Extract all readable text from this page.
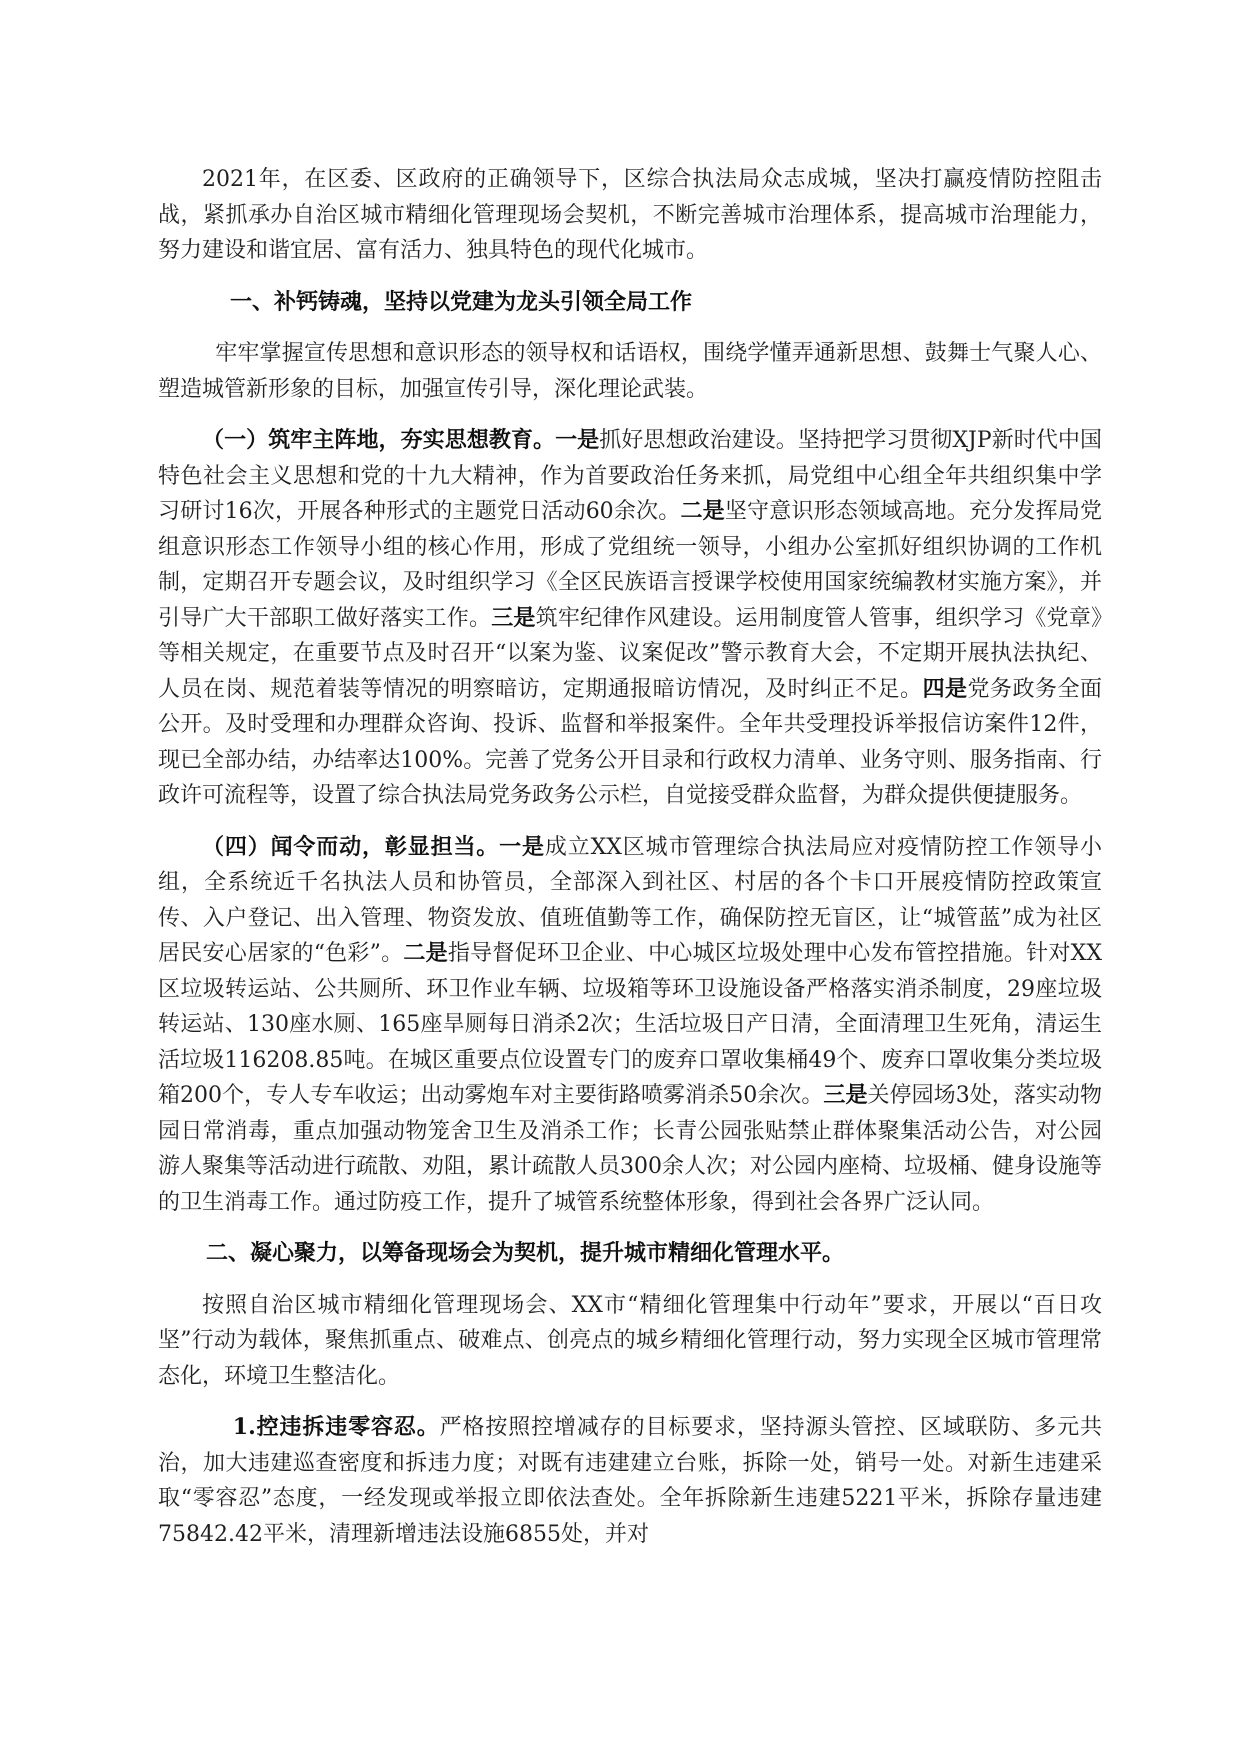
2021年，在区委、区政府的正确领导下，区综合执法局众志成城，坚决打赢疫情防控阻击战，紧抓承办自治区城市精细化管理现场会契机，不断完善城市治理体系，提高城市治理能力，努力建设和谐宜居、富有活力、独具特色的现代化城市。

一、补钙铸魂，坚持以党建为龙头引领全局工作

牢牢掌握宣传思想和意识形态的领导权和话语权，围绕学懂弄通新思想、鼓舞士气聚人心、塑造城管新形象的目标，加强宣传引导，深化理论武装。

（一）筑牢主阵地，夯实思想教育。一是抓好思想政治建设。坚持把学习贯彻XJP新时代中国特色社会主义思想和党的十九大精神，作为首要政治任务来抓，局党组中心组全年共组织集中学习研讨16次，开展各种形式的主题党日活动60余次。二是坚守意识形态领域高地。充分发挥局党组意识形态工作领导小组的核心作用，形成了党组统一领导，小组办公室抓好组织协调的工作机制，定期召开专题会议，及时组织学习《全区民族语言授课学校使用国家统编教材实施方案》，并引导广大干部职工做好落实工作。三是筑牢纪律作风建设。运用制度管人管事，组织学习《党章》等相关规定，在重要节点及时召开“以案为鉴、议案促改”警示教育大会，不定期开展执法执纪、人员在岗、规范着装等情况的明察暗访，定期通报暗访情况，及时纠正不足。四是党务政务全面公开。及时受理和办理群众咨询、投诉、监督和举报案件。全年共受理投诉举报信访案件12件，现已全部办结，办结率达100%。完善了党务公开目录和行政权力清单、业务守则、服务指南、行政许可流程等，设置了综合执法局党务政务公示栏，自觉接受群众监督，为群众提供便捷服务。

（四）闻令而动，彰显担当。一是成立XX区城市管理综合执法局应对疫情防控工作领导小组，全系统近千名执法人员和协管员，全部深入到社区、村居的各个卡口开展疫情防控政策宣传、入户登记、出入管理、物资发放、值班值勤等工作，确保防控无盲区，让“城管蓝”成为社区居民安心居家的“色彩”。二是指导督促环卫企业、中心城区垃圾处理中心发布管控措施。针对XX区垃圾转运站、公共厕所、环卫作业车辆、垃圾箱等环卫设施设备严格落实消杀制度，29座垃圾转运站、130座水厕、165座旱厕每日消杀2次；生活垃圾日产日清，全面清理卫生死角，清运生活垃圾116208.85吨。在城区重要点位设置专门的废弃口罩收集桶49个、废弃口罩收集分类垃圾箱200个，专人专车收运；出动雾炮车对主要街路喷雾消杀50余次。三是关停园场3处，落实动物园日常消毒，重点加强动物笼舍卫生及消杀工作；长青公园张贴禁止群体聚集活动公告，对公园游人聚集等活动进行疏散、劝阻，累计疏散人员300余人次；对公园内座椅、垃圾桶、健身设施等的卫生消毒工作。通过防疫工作，提升了城管系统整体形象，得到社会各界广泛认同。

二、凝心聚力，以筹备现场会为契机，提升城市精细化管理水平。

按照自治区城市精细化管理现场会、XX市“精细化管理集中行动年”要求，开展以“百日攻坚”行动为载体，聚焦抓重点、破难点、创亮点的城乡精细化管理行动，努力实现全区城市管理常态化，环境卫生整洁化。

1.控违拆违零容忍。严格按照控增减存的目标要求，坚持源头管控、区域联防、多元共治，加大违建巡查密度和拆违力度；对既有违建建立台账，拆除一处，销号一处。对新生违建采取“零容忍”态度，一经发现或举报立即依法查处。全年拆除新生违建5221平米，拆除存量违建75842.42平米，清理新增违法设施6855处，并对
